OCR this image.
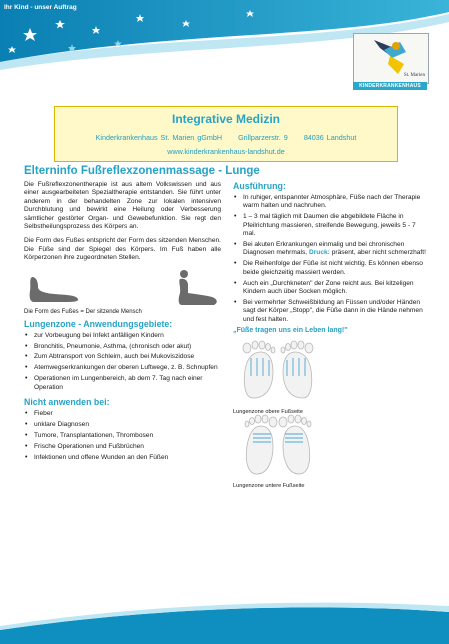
Ihr Kind - unser Auftrag
St. Marien
KINDERKRANKENHAUS
Integrative Medizin
Kinderkrankenhaus St. Marien gGmbH Grillparzerstr. 9 84036 Landshut
www.kinderkrankenhaus-landshut.de
Elterninfo Fußreflexzonenmassage - Lunge

Die Fußreflexzonentherapie ist aus altem Volkswissen und aus einer ausgearbeiteten Spezialtherapie entstanden. Sie führt unter anderem in der behandelten Zone zur lokalen intensiven Durchblutung und bewirkt eine Heilung oder Verbesserung sämtlicher gestörter Organ- und Gewebefunktion. Sie regt den Selbstheilungsprozess des Körpers an.

Die Form des Fußes entspricht der Form des sitzenden Menschen. Die Füße sind der Spiegel des Körpers. Im Fuß haben alle Körperzonen ihre zugeordneten Stellen.

Die Form des Fußes = Der sitzende Mensch

Lungenzone - Anwendungsgebiete:
• zur Vorbeugung bei Infekt anfälligen Kindern
• Bronchitis, Pneumonie, Asthma, (chronisch oder akut)
• Zum Abtransport von Schleim, auch bei Mukoviszidose
• Atemwegserkrankungen der oberen Luftwege, z. B. Schnupfen
• Operationen im Lungenbereich, ab dem 7. Tag nach einer Operation
Nicht anwenden bei:
• Fieber
• unklare Diagnosen
• Tumore, Transplantationen, Thrombosen
• Frische Operationen und Fußbrüchen
• Infektionen und offene Wunden an den Füßen
Ausführung:
• In ruhiger, entspannter Atmosphäre, Füße nach der Therapie warm halten und nachruhen.
• 1 – 3 mal täglich mit Daumen die abgebildete Fläche in Pfeilrichtung massieren, streifende Bewegung, jeweils 5 - 7 mal.
• Bei akuten Erkrankungen einmalig und bei chronischen Diagnosen mehrmals, Druck: präsent, aber nicht schmerzhaft!
• Die Reihenfolge der Füße ist nicht wichtig. Es können ebenso beide gleichzeitig massiert werden.
• Auch ein „Durchkneten" der Zone reicht aus. Bei kitzeligen Kindern auch über Socken möglich.
• Bei vermehrter Schweißbildung an Füssen und/oder Händen sagt der Körper „Stopp", die Füße dann in die Hände nehmen und fest halten.
„Füße tragen uns ein Leben lang!"
Lungenzone obere Fußseite
Lungenzone untere Fußseite
